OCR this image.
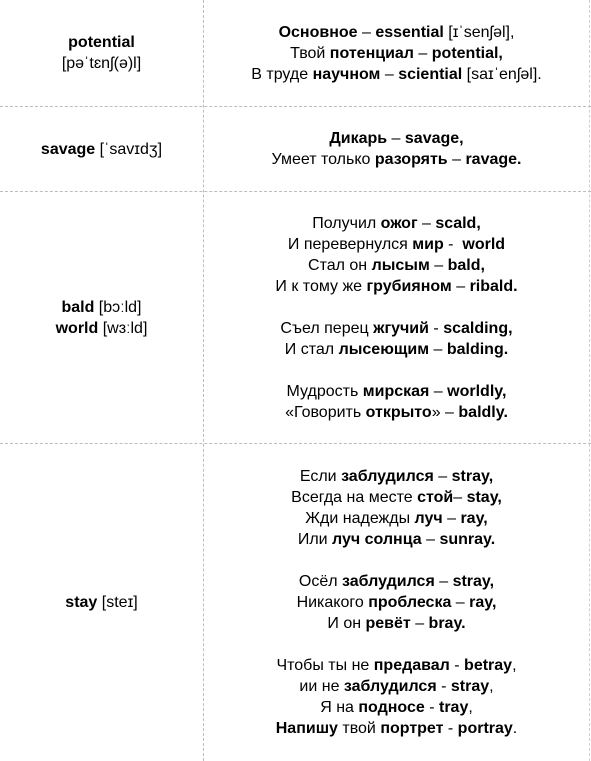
potential
[pəˈtɛnʃ(ə)l]
Основное – essential [ɪˈsenʃəl],
Твой потенциал – potential,
В труде научном – sciential [saɪˈenʃəl].
savage [ˈsavɪdʒ]
Дикарь – savage,
Умеет только разорять – ravage.
bald [bɔːld]
world [wɜːld]
Получил ожог – scald,
И перевернулся мир -  world
Стал он лысым – bald,
И к тому же грубияном – ribald.
Съел перец жгучий - scalding,
И стал лысеющим – balding.
Мудрость мирская – worldly,
«Говорить открыто» – baldly.
stay [steɪ]
Если заблудился – stray,
Всегда на месте стой– stay,
Жди надежды луч – ray,
Или луч солнца – sunray.
Осёл заблудился – stray,
Никакого проблеска – ray,
И он ревёт – bray.
Чтобы ты не предавал - betray,
ии не заблудился - stray,
Я на подносе - tray,
Напишу твой портрет - portray.
